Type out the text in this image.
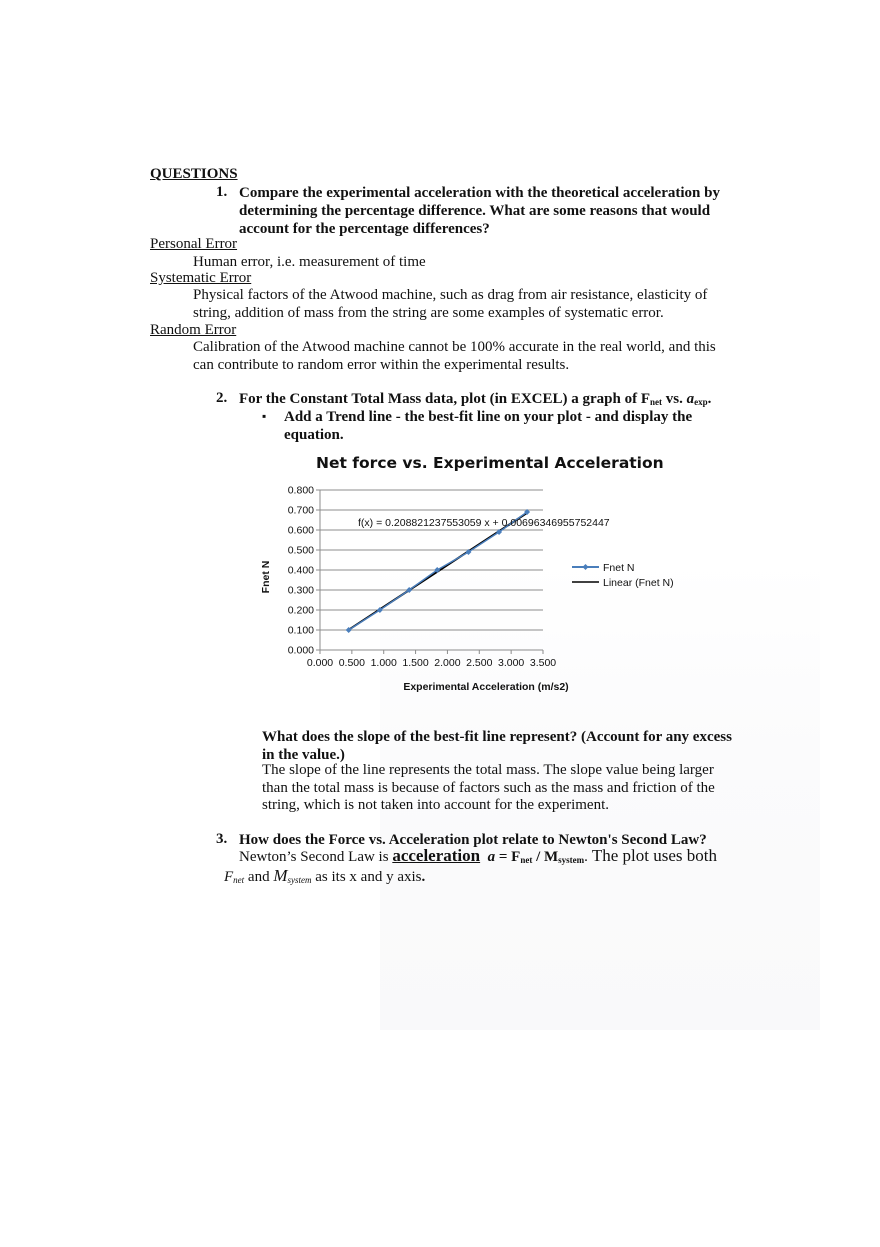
QUESTIONS
1. Compare the experimental acceleration with the theoretical acceleration by
determining the percentage difference. What are some reasons that would
account for the percentage differences?
Personal Error
Human error, i.e. measurement of time
Systematic Error
Physical factors of the Atwood machine, such as drag from air resistance, elasticity of
string, addition of mass from the string are some examples of systematic error.
Random Error
Calibration of the Atwood machine cannot be 100% accurate in the real world, and this
can contribute to random error within the experimental results.
2. For the Constant Total Mass data, plot (in EXCEL) a graph of $F_{net}$ vs. $a_{exp}$.
▪ Add a Trend line - the best-fit line on your plot - and display the
equation.
Net force vs. Experimental Acceleration
0.000
0.100
0.200
0.300
0.400
0.500
0.600
0.700
0.800
0.000 0.500 1.000 1.500 2.000 2.500 3.000 3.500
f(x) = 0.208821237553059 x + 0.00696346955752447
Fnet N
Experimental Acceleration (m/s2)
Fnet N
Linear (Fnet N)
What does the slope of the best-fit line represent? (Account for any excess
in the value.)
The slope of the line represents the total mass. The slope value being larger
than the total mass is because of factors such as the mass and friction of the
string, which is not taken into account for the experiment.
3. How does the Force vs. Acceleration plot relate to Newton's Second Law?
Newton’s Second Law is acceleration $a = F_{net} / M_{system}$. The plot uses both
$F_{net}$ and $M_{system}$ as its x and y axis.
